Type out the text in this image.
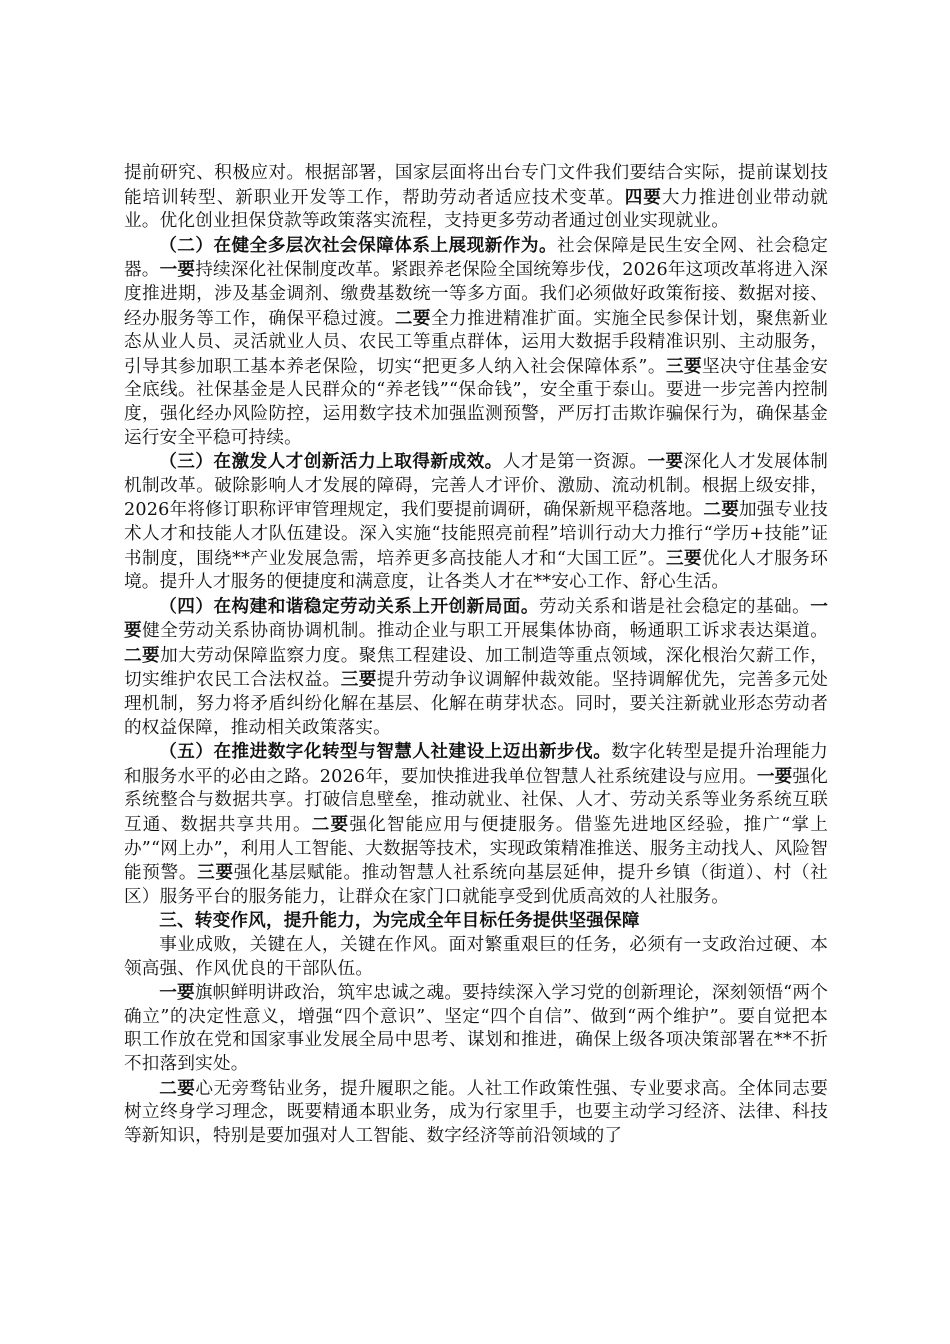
提前研究、积极应对。根据部署，国家层面将出台专门文件我们要结合实际，提前谋划技能培训转型、新职业开发等工作，帮助劳动者适应技术变革。四要大力推进创业带动就业。优化创业担保贷款等政策落实流程，支持更多劳动者通过创业实现就业。

（二）在健全多层次社会保障体系上展现新作为。社会保障是民生安全网、社会稳定器。一要持续深化社保制度改革。紧跟养老保险全国统筹步伐，2026年这项改革将进入深度推进期，涉及基金调剂、缴费基数统一等多方面。我们必须做好政策衔接、数据对接、经办服务等工作，确保平稳过渡。二要全力推进精准扩面。实施全民参保计划，聚焦新业态从业人员、灵活就业人员、农民工等重点群体，运用大数据手段精准识别、主动服务，引导其参加职工基本养老保险，切实“把更多人纳入社会保障体系”。三要坚决守住基金安全底线。社保基金是人民群众的“养老钱”“保命钱”，安全重于泰山。要进一步完善内控制度，强化经办风险防控，运用数字技术加强监测预警，严厉打击欺诈骗保行为，确保基金运行安全平稳可持续。

（三）在激发人才创新活力上取得新成效。人才是第一资源。一要深化人才发展体制机制改革。破除影响人才发展的障碍，完善人才评价、激励、流动机制。根据上级安排，2026年将修订职称评审管理规定，我们要提前调研，确保新规平稳落地。二要加强专业技术人才和技能人才队伍建设。深入实施“技能照亮前程”培训行动大力推行“学历+技能”证书制度，围绕**产业发展急需，培养更多高技能人才和“大国工匠”。三要优化人才服务环境。提升人才服务的便捷度和满意度，让各类人才在**安心工作、舒心生活。

（四）在构建和谐稳定劳动关系上开创新局面。劳动关系和谐是社会稳定的基础。一要健全劳动关系协商协调机制。推动企业与职工开展集体协商，畅通职工诉求表达渠道。二要加大劳动保障监察力度。聚焦工程建设、加工制造等重点领域，深化根治欠薪工作，切实维护农民工合法权益。三要提升劳动争议调解仲裁效能。坚持调解优先，完善多元处理机制，努力将矛盾纠纷化解在基层、化解在萌芽状态。同时，要关注新就业形态劳动者的权益保障，推动相关政策落实。

（五）在推进数字化转型与智慧人社建设上迈出新步伐。数字化转型是提升治理能力和服务水平的必由之路。2026年，要加快推进我单位智慧人社系统建设与应用。一要强化系统整合与数据共享。打破信息壁垒，推动就业、社保、人才、劳动关系等业务系统互联互通、数据共享共用。二要强化智能应用与便捷服务。借鉴先进地区经验，推广“掌上办”“网上办”，利用人工智能、大数据等技术，实现政策精准推送、服务主动找人、风险智能预警。三要强化基层赋能。推动智慧人社系统向基层延伸，提升乡镇（街道）、村（社区）服务平台的服务能力，让群众在家门口就能享受到优质高效的人社服务。

三、转变作风，提升能力，为完成全年目标任务提供坚强保障

事业成败，关键在人，关键在作风。面对繁重艰巨的任务，必须有一支政治过硬、本领高强、作风优良的干部队伍。

一要旗帜鲜明讲政治，筑牢忠诚之魂。要持续深入学习党的创新理论，深刻领悟“两个确立”的决定性意义，增强“四个意识”、坚定“四个自信”、做到“两个维护”。要自觉把本职工作放在党和国家事业发展全局中思考、谋划和推进，确保上级各项决策部署在**不折不扣落到实处。

二要心无旁骛钻业务，提升履职之能。人社工作政策性强、专业要求高。全体同志要树立终身学习理念，既要精通本职业务，成为行家里手，也要主动学习经济、法律、科技等新知识，特别是要加强对人工智能、数字经济等前沿领域的了
